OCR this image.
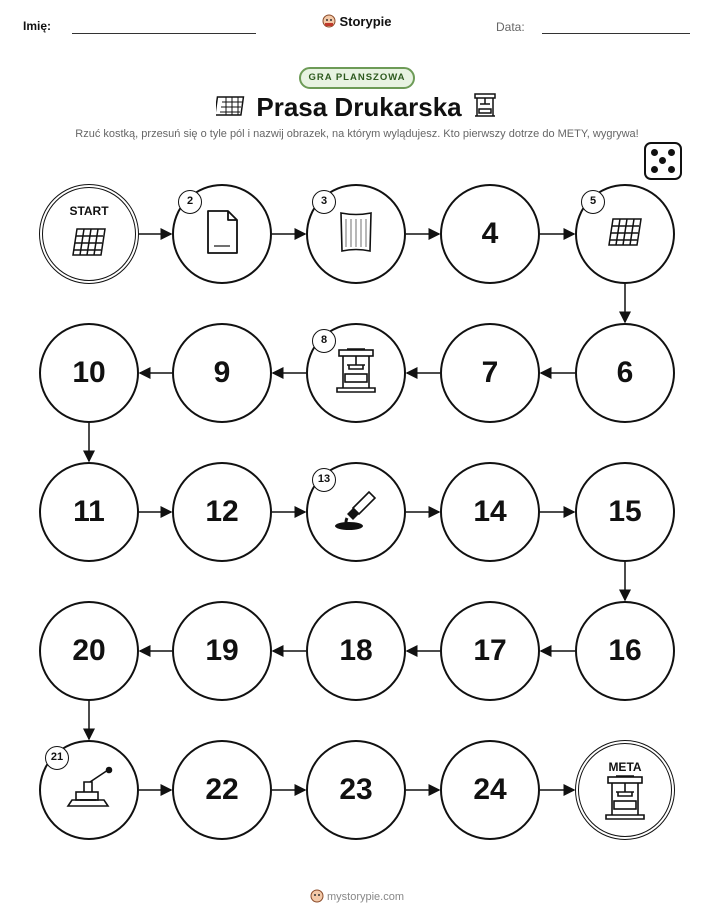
Imię:	Storypie	Data:
GRA PLANSZOWA
Prasa Drukarska
Rzuć kostką, przesuń się o tyle pól i nazwij obrazek, na którym wylądujesz. Kto pierwszy dotrze do METY, wygrywa!
START
2	3
4
5
6
7
8
9
10
11	12
13
14	15
16
17
18
19
20
21
22	23	24
META
mystorypie.com
